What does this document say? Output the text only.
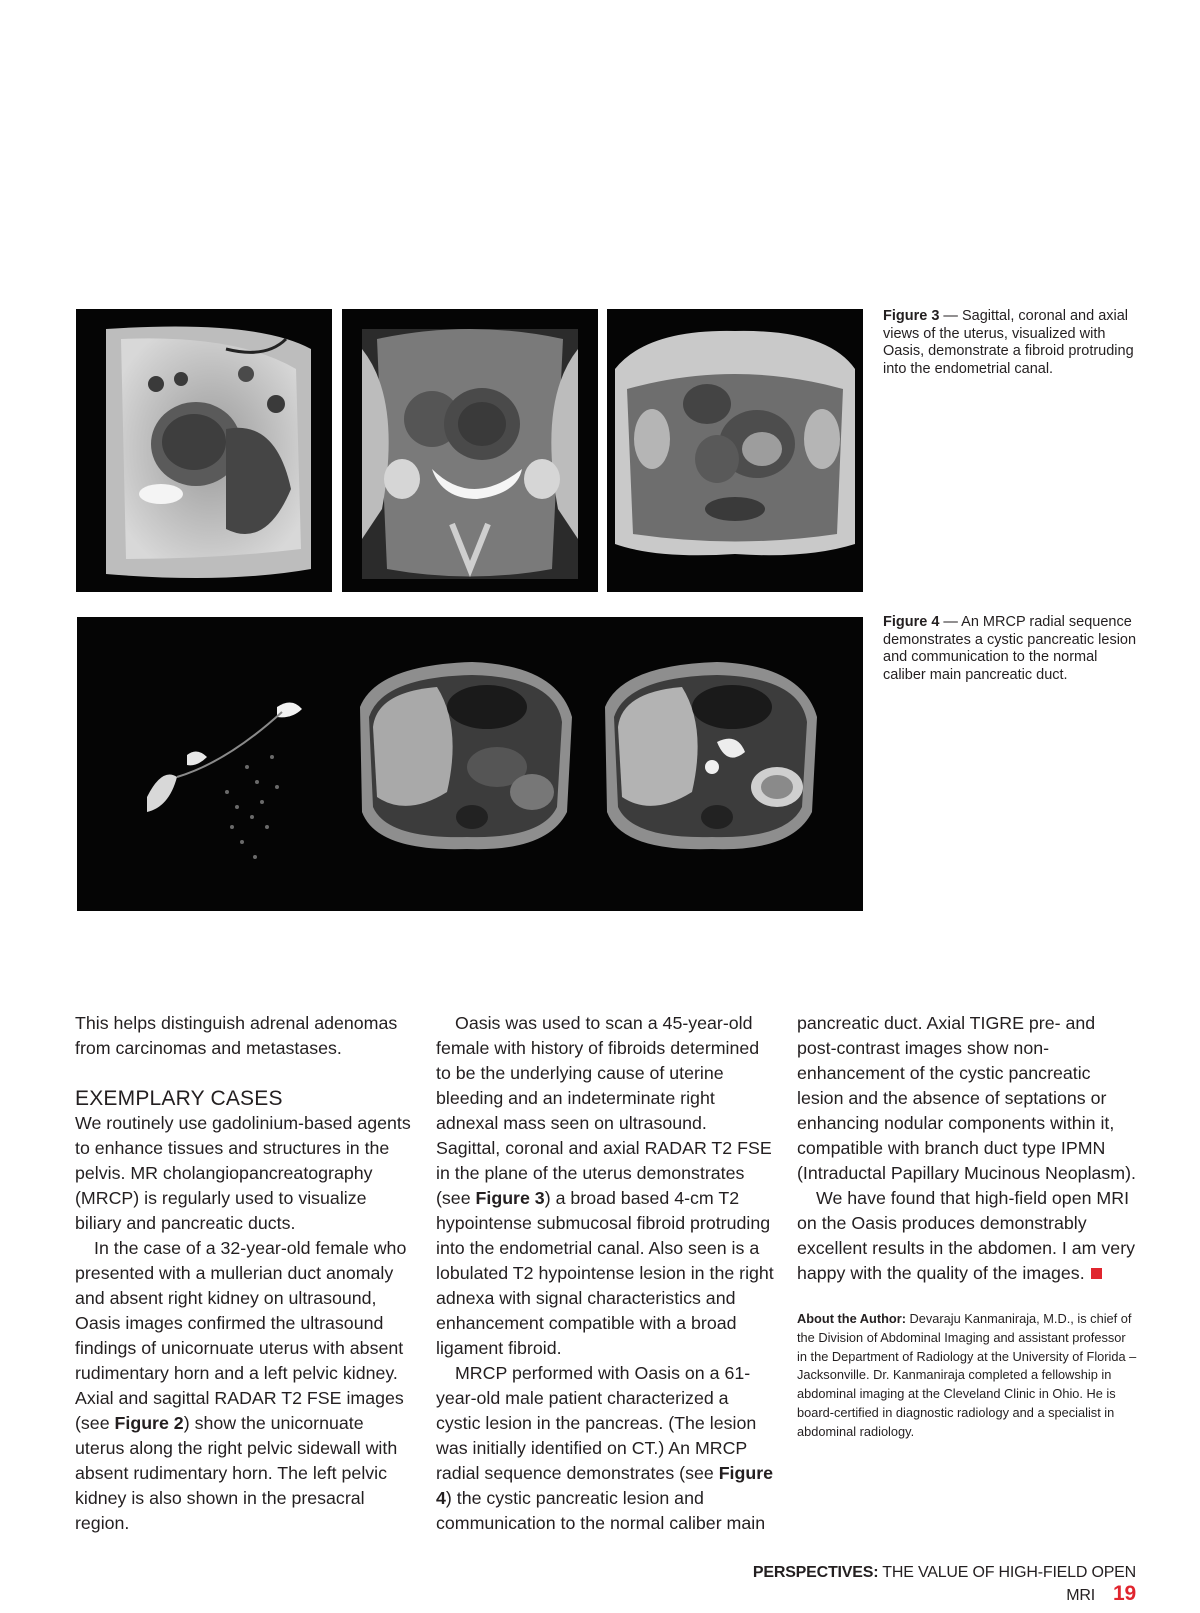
Figure 3 — Sagittal, coronal and axial views of the uterus, visualized with Oasis, demonstrate a fibroid protruding into the endometrial canal.
Figure 4 — An MRCP radial sequence demonstrates a cystic pancreatic lesion and communication to the normal caliber main pancreatic duct.

This helps distinguish adrenal adenomas from carcinomas and metastases.

EXEMPLARY CASES

We routinely use gadolinium-based agents to enhance tissues and structures in the pelvis. MR cholangiopancreatography (MRCP) is regularly used to visualize biliary and pancreatic ducts.

In the case of a 32-year-old female who presented with a mullerian duct anomaly and absent right kidney on ultrasound, Oasis images confirmed the ultrasound findings of unicornuate uterus with absent rudimentary horn and a left pelvic kidney. Axial and sagittal RADAR T2 FSE images (see Figure 2) show the unicornuate uterus along the right pelvic sidewall with absent rudimentary horn. The left pelvic kidney is also shown in the presacral region.

Oasis was used to scan a 45-year-old female with history of fibroids determined to be the underlying cause of uterine bleeding and an indeterminate right adnexal mass seen on ultrasound. Sagittal, coronal and axial RADAR T2 FSE in the plane of the uterus demonstrates (see Figure 3) a broad based 4-cm T2 hypointense submucosal fibroid protruding into the endometrial canal. Also seen is a lobulated T2 hypointense lesion in the right adnexa with signal characteristics and enhancement compatible with a broad ligament fibroid.

MRCP performed with Oasis on a 61-year-old male patient characterized a cystic lesion in the pancreas. (The lesion was initially identified on CT.) An MRCP radial sequence demonstrates (see Figure 4) the cystic pancreatic lesion and communication to the normal caliber main

pancreatic duct. Axial TIGRE pre- and post-contrast images show non-enhancement of the cystic pancreatic lesion and the absence of septations or enhancing nodular components within it, compatible with branch duct type IPMN (Intraductal Papillary Mucinous Neoplasm).

We have found that high-field open MRI on the Oasis produces demonstrably excellent results in the abdomen. I am very happy with the quality of the images.

About the Author: Devaraju Kanmaniraja, M.D., is chief of the Division of Abdominal Imaging and assistant professor in the Department of Radiology at the University of Florida – Jacksonville. Dr. Kanmaniraja completed a fellowship in abdominal imaging at the Cleveland Clinic in Ohio. He is board-certified in diagnostic radiology and a specialist in abdominal radiology.

PERSPECTIVES: THE VALUE OF HIGH-FIELD OPEN MRI 19
